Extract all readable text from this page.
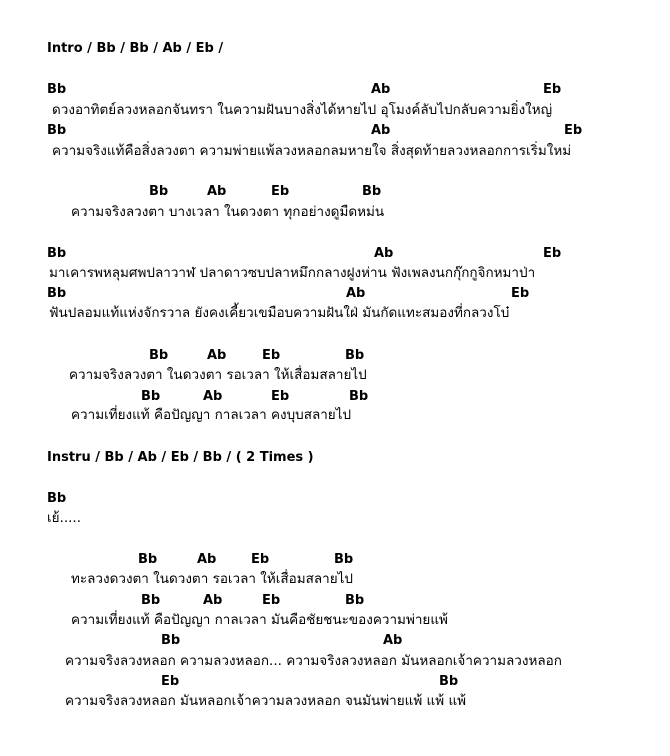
Intro / Bb / Bb / Ab / Eb /
Bb	Ab	Eb
ดวงอาทิตย์ลวงหลอกจันทรา ในความฝันบางสิ่งได้หายไป อุโมงค์ลับไปกลับความยิ่งใหญ่
Bb	Ab	Eb
ความจริงแท้คือสิ่งลวงตา ความพ่ายแพ้ลวงหลอกลมหายใจ สิ่งสุดท้ายลวงหลอกการเริ่มใหม่
Bb	Ab	Eb	Bb
ความจริงลวงตา บางเวลา ในดวงตา ทุกอย่างดูมืดหม่น
Bb	Ab	Eb
มาเคารพหลุมศพปลาวาฬ ปลาดาวซบปลาหมึกกลางฝูงห่าน ฟังเพลงนกกุ๊กกูจิกหมาป่า
Bb	Ab	Eb
ฟันปลอมแท้แห่งจักรวาล ยังคงเคี้ยวเขมือบความฝันใฝ่ มันกัดแทะสมองที่กลวงโบ๋
Bb	Ab	Eb	Bb
ความจริงลวงตา ในดวงตา รอเวลา ให้เสื่อมสลายไป
Bb	Ab	Eb	Bb
ความเที่ยงแท้ คือปัญญา กาลเวลา คงบุบสลายไป
Instru / Bb / Ab / Eb / Bb / ( 2 Times )
Bb
เย้.....
Bb	Ab	Eb	Bb
ทะลวงดวงตา ในดวงตา รอเวลา ให้เสื่อมสลายไป
Bb	Ab	Eb	Bb
ความเที่ยงแท้ คือปัญญา กาลเวลา มันคือชัยชนะของความพ่ายแพ้
Bb	Ab
ความจริงลวงหลอก ความลวงหลอก... ความจริงลวงหลอก มันหลอกเจ้าความลวงหลอก
Eb	Bb
ความจริงลวงหลอก มันหลอกเจ้าความลวงหลอก จนมันพ่ายแพ้ แพ้ แพ้
